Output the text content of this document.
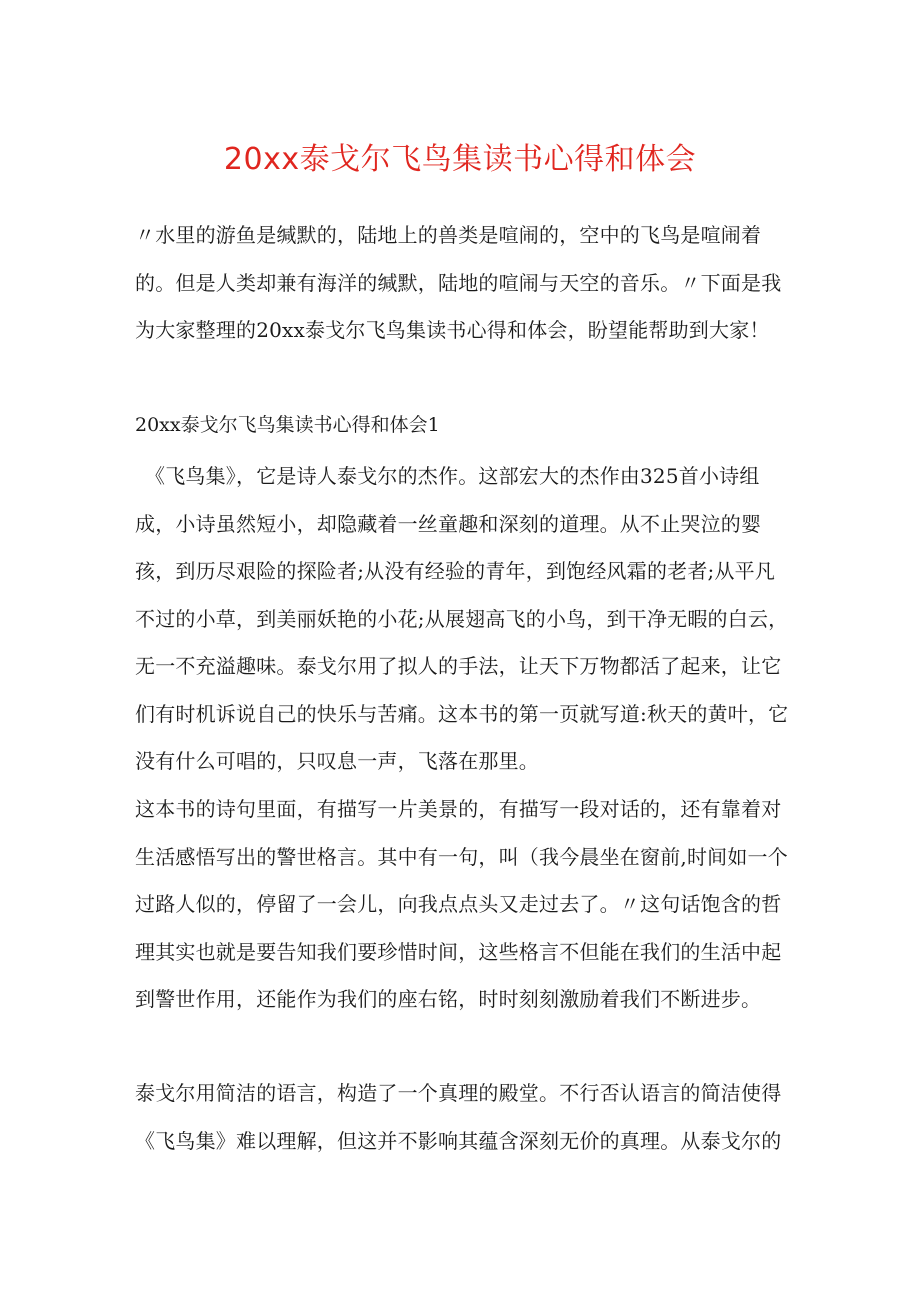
20xx泰戈尔飞鸟集读书心得和体会

〃水里的游鱼是缄默的，陆地上的兽类是喧闹的，空中的飞鸟是喧闹着的。但是人类却兼有海洋的缄默，陆地的喧闹与天空的音乐。〃下面是我为大家整理的20xx泰戈尔飞鸟集读书心得和体会，盼望能帮助到大家！

20xx泰戈尔飞鸟集读书心得和体会1

《飞鸟集》，它是诗人泰戈尔的杰作。这部宏大的杰作由325首小诗组成，小诗虽然短小，却隐藏着一丝童趣和深刻的道理。从不止哭泣的婴孩，到历尽艰险的探险者;从没有经验的青年，到饱经风霜的老者;从平凡不过的小草，到美丽妖艳的小花;从展翅高飞的小鸟，到干净无暇的白云，无一不充溢趣味。泰戈尔用了拟人的手法，让天下万物都活了起来，让它们有时机诉说自己的快乐与苦痛。这本书的第一页就写道:秋天的黄叶，它没有什么可唱的，只叹息一声，飞落在那里。

这本书的诗句里面，有描写一片美景的，有描写一段对话的，还有靠着对生活感悟写出的警世格言。其中有一句，叫（我今晨坐在窗前,时间如一个过路人似的，停留了一会儿，向我点点头又走过去了。〃这句话饱含的哲理其实也就是要告知我们要珍惜时间，这些格言不但能在我们的生活中起到警世作用，还能作为我们的座右铭，时时刻刻激励着我们不断进步。

泰戈尔用简洁的语言，构造了一个真理的殿堂。不行否认语言的简洁使得《飞鸟集》难以理解，但这并不影响其蕴含深刻无价的真理。从泰戈尔的
